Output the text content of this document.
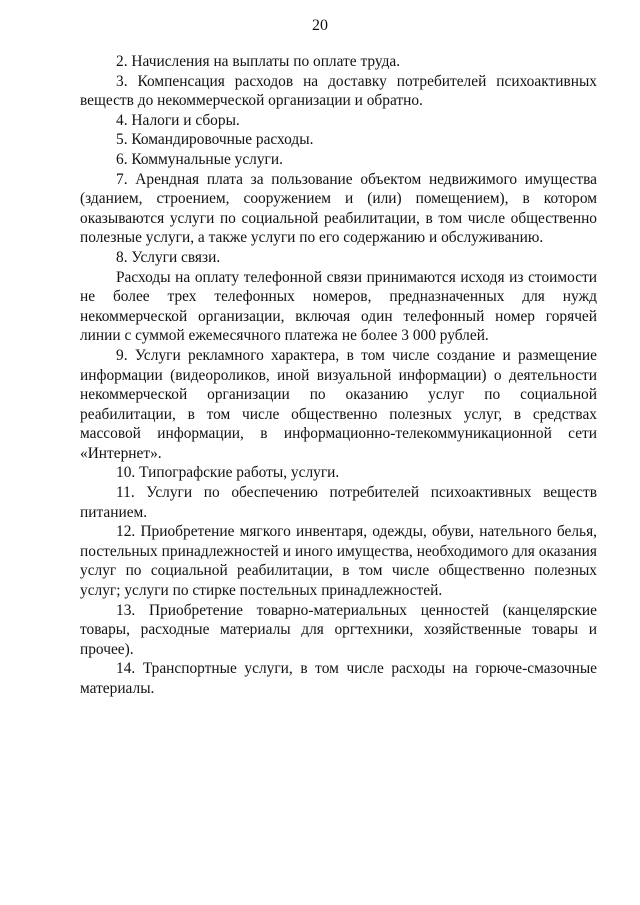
20

2. Начисления на выплаты по оплате труда.

3. Компенсация расходов на доставку потребителей психоактивных веществ до некоммерческой организации и обратно.

4. Налоги и сборы.

5. Командировочные расходы.

6. Коммунальные услуги.

7. Арендная плата за пользование объектом недвижимого имущества (зданием, строением, сооружением и (или) помещением), в котором оказываются услуги по социальной реабилитации, в том числе общественно полезные услуги, а также услуги по его содержанию и обслуживанию.

8. Услуги связи.

Расходы на оплату телефонной связи принимаются исходя из стоимости не более трех телефонных номеров, предназначенных для нужд некоммерческой организации, включая один телефонный номер горячей линии с суммой ежемесячного платежа не более 3 000 рублей.

9. Услуги рекламного характера, в том числе создание и размещение информации (видеороликов, иной визуальной информации) о деятельности некоммерческой организации по оказанию услуг по социальной реабилитации, в том числе общественно полезных услуг, в средствах массовой информации, в информационно-телекоммуникационной сети «Интернет».

10. Типографские работы, услуги.

11. Услуги по обеспечению потребителей психоактивных веществ питанием.

12. Приобретение мягкого инвентаря, одежды, обуви, нательного белья, постельных принадлежностей и иного имущества, необходимого для оказания услуг по социальной реабилитации, в том числе общественно полезных услуг; услуги по стирке постельных принадлежностей.

13. Приобретение товарно-материальных ценностей (канцелярские товары, расходные материалы для оргтехники, хозяйственные товары и прочее).

14. Транспортные услуги, в том числе расходы на горюче-смазочные материалы.
